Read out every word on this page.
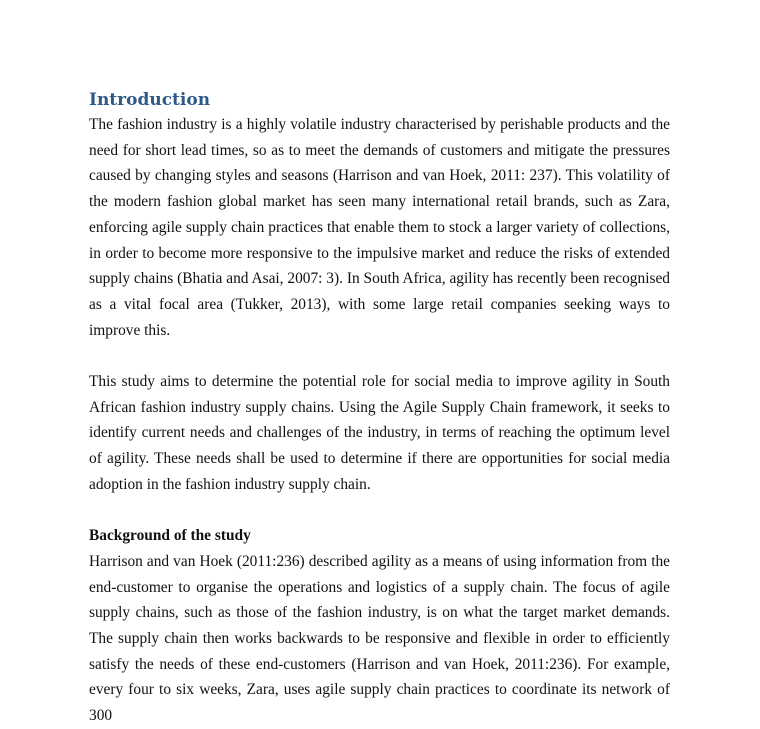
Introduction

The fashion industry is a highly volatile industry characterised by perishable products and the need for short lead times, so as to meet the demands of customers and mitigate the pressures caused by changing styles and seasons (Harrison and van Hoek, 2011: 237). This volatility of the modern fashion global market has seen many international retail brands, such as Zara, enforcing agile supply chain practices that enable them to stock a larger variety of collections, in order to become more responsive to the impulsive market and reduce the risks of extended supply chains (Bhatia and Asai, 2007: 3). In South Africa, agility has recently been recognised as a vital focal area (Tukker, 2013), with some large retail companies seeking ways to improve this.

This study aims to determine the potential role for social media to improve agility in South African fashion industry supply chains. Using the Agile Supply Chain framework, it seeks to identify current needs and challenges of the industry, in terms of reaching the optimum level of agility. These needs shall be used to determine if there are opportunities for social media adoption in the fashion industry supply chain.

Background of the study

Harrison and van Hoek (2011:236) described agility as a means of using information from the end-customer to organise the operations and logistics of a supply chain. The focus of agile supply chains, such as those of the fashion industry, is on what the target market demands. The supply chain then works backwards to be responsive and flexible in order to efficiently satisfy the needs of these end-customers (Harrison and van Hoek, 2011:236). For example, every four to six weeks, Zara, uses agile supply chain practices to coordinate its network of 300
